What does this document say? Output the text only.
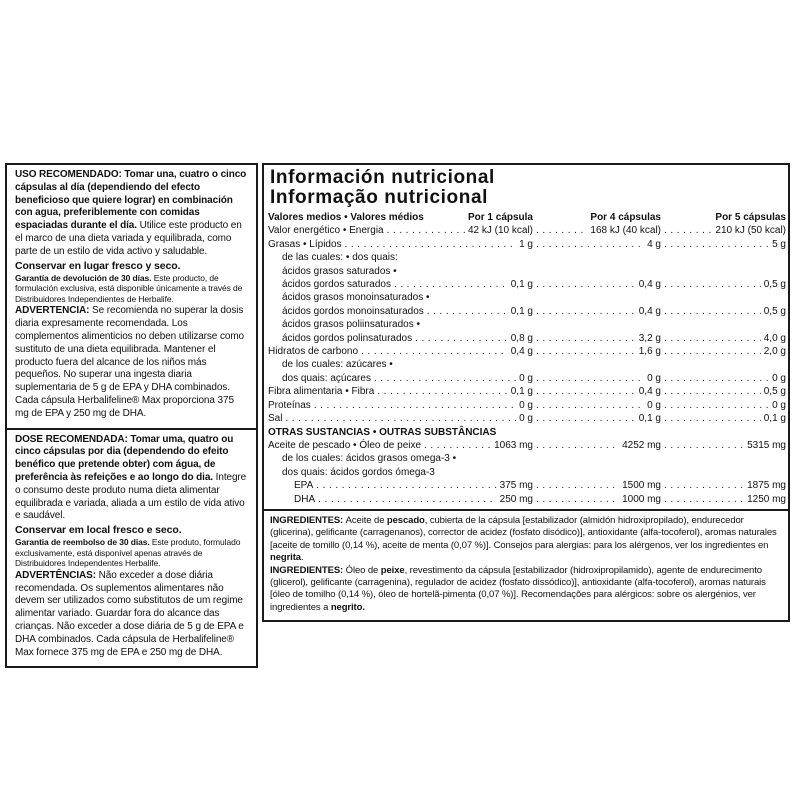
USO RECOMENDADO: Tomar una, cuatro o cinco cápsulas al día (dependiendo del efecto beneficioso que quiere lograr) en combinación con agua, preferiblemente con comidas espaciadas durante el día. Utilice este producto en el marco de una dieta variada y equilibrada, como parte de un estilo de vida activo y saludable.

Conservar en lugar fresco y seco.

Garantía de devolución de 30 días. Este producto, de formulación exclusiva, está disponible únicamente a través de Distribuidores Independientes de Herbalife.

ADVERTENCIA: Se recomienda no superar la dosis diaria expresamente recomendada. Los complementos alimenticios no deben utilizarse como sustituto de una dieta equilibrada. Mantener el producto fuera del alcance de los niños más pequeños. No superar una ingesta diaria suplementaria de 5 g de EPA y DHA combinados. Cada cápsula Herbalifeline® Max proporciona 375 mg de EPA y 250 mg de DHA.

DOSE RECOMENDADA: Tomar uma, quatro ou cinco cápsulas por dia (dependendo do efeito benéfico que pretende obter) com água, de preferência às refeições e ao longo do dia. Integre o consumo deste produto numa dieta alimentar equilibrada e variada, aliada a um estilo de vida ativo e saudável.

Conservar em local fresco e seco.

Garantia de reembolso de 30 dias. Este produto, formulado exclusivamente, está disponível apenas através de Distribuidores Independentes Herbalife.

ADVERTÊNCIAS: Não exceder a dose diária recomendada. Os suplementos alimentares não devem ser utilizados como substitutos de um regime alimentar variado. Guardar fora do alcance das crianças. Não exceder a dose diária de 5 g de EPA e DHA combinados. Cada cápsula de Herbalifeline® Max fornece 375 mg de EPA e 250 mg de DHA.

Información nutricional
Informação nutricional
Valores medios • Valores médios	Por 1 cápsula	Por 4 cápsulas	Por 5 cápsulas
Valor energético • Energia . . .	42 kJ (10 kcal) . . .	168 kJ (40 kcal) . . .	210 kJ (50 kcal)
Grasas • Lípidos . . .	1 g . . .	4 g . . .	5 g
de las cuales: • dos quais:
ácidos grasos saturados •
ácidos gordos saturados . . .	0,1 g . . .	0,4 g . . .	0,5 g
ácidos grasos monoinsaturados •
ácidos gordos monoinsaturados . . .	0,1 g . . .	0,4 g . . .	0,5 g
ácidos grasos poliinsaturados •
ácidos gordos polinsaturados . . .	0,8 g . . .	3,2 g . . .	4,0 g
Hidratos de carbono . . .	0,4 g . . .	1,6 g . . .	2,0 g
de los cuales: azúcares •
dos quais: açúcares . . .	0 g . . .	0 g . . .	0 g
Fibra alimentaria • Fibra . . .	0,1 g . . .	0,4 g . . .	0,5 g
Proteínas . . .	0 g . . .	0 g . . .	0 g
Sal . . .	0 g . . .	0,1 g . . .	0,1 g
OTRAS SUSTANCIAS • OUTRAS SUBSTÂNCIAS
Aceite de pescado • Óleo de peixe . . .	1063 mg . . .	4252 mg . . .	5315 mg
de los cuales: ácidos grasos omega-3 •
dos quais: ácidos gordos ómega-3
EPA . . .	375 mg . . .	1500 mg . . .	1875 mg
DHA . . .	250 mg . . .	1000 mg . . .	1250 mg

INGREDIENTES: Aceite de pescado, cubierta de la cápsula [estabilizador (almidón hidroxipropilado), endurecedor (glicerina), gelificante (carragenanos), corrector de acidez (fosfato disódico)], antioxidante (alfa-tocoferol), aromas naturales [aceite de tomillo (0,14 %), aceite de menta (0,07 %)]. Consejos para alergias: para los alérgenos, ver los ingredientes en negrita.

INGREDIENTES: Óleo de peixe, revestimento da cápsula [estabilizador (hidroxipropilamido), agente de endurecimento (glicerol), gelificante (carragenina), regulador de acidez (fosfato dissódico)], antioxidante (alfa-tocoferol), aromas naturais [óleo de tomilho (0,14 %), óleo de hortelã-pimenta (0,07 %)]. Recomendações para alérgicos: sobre os alergénios, ver ingredientes a negrito.
